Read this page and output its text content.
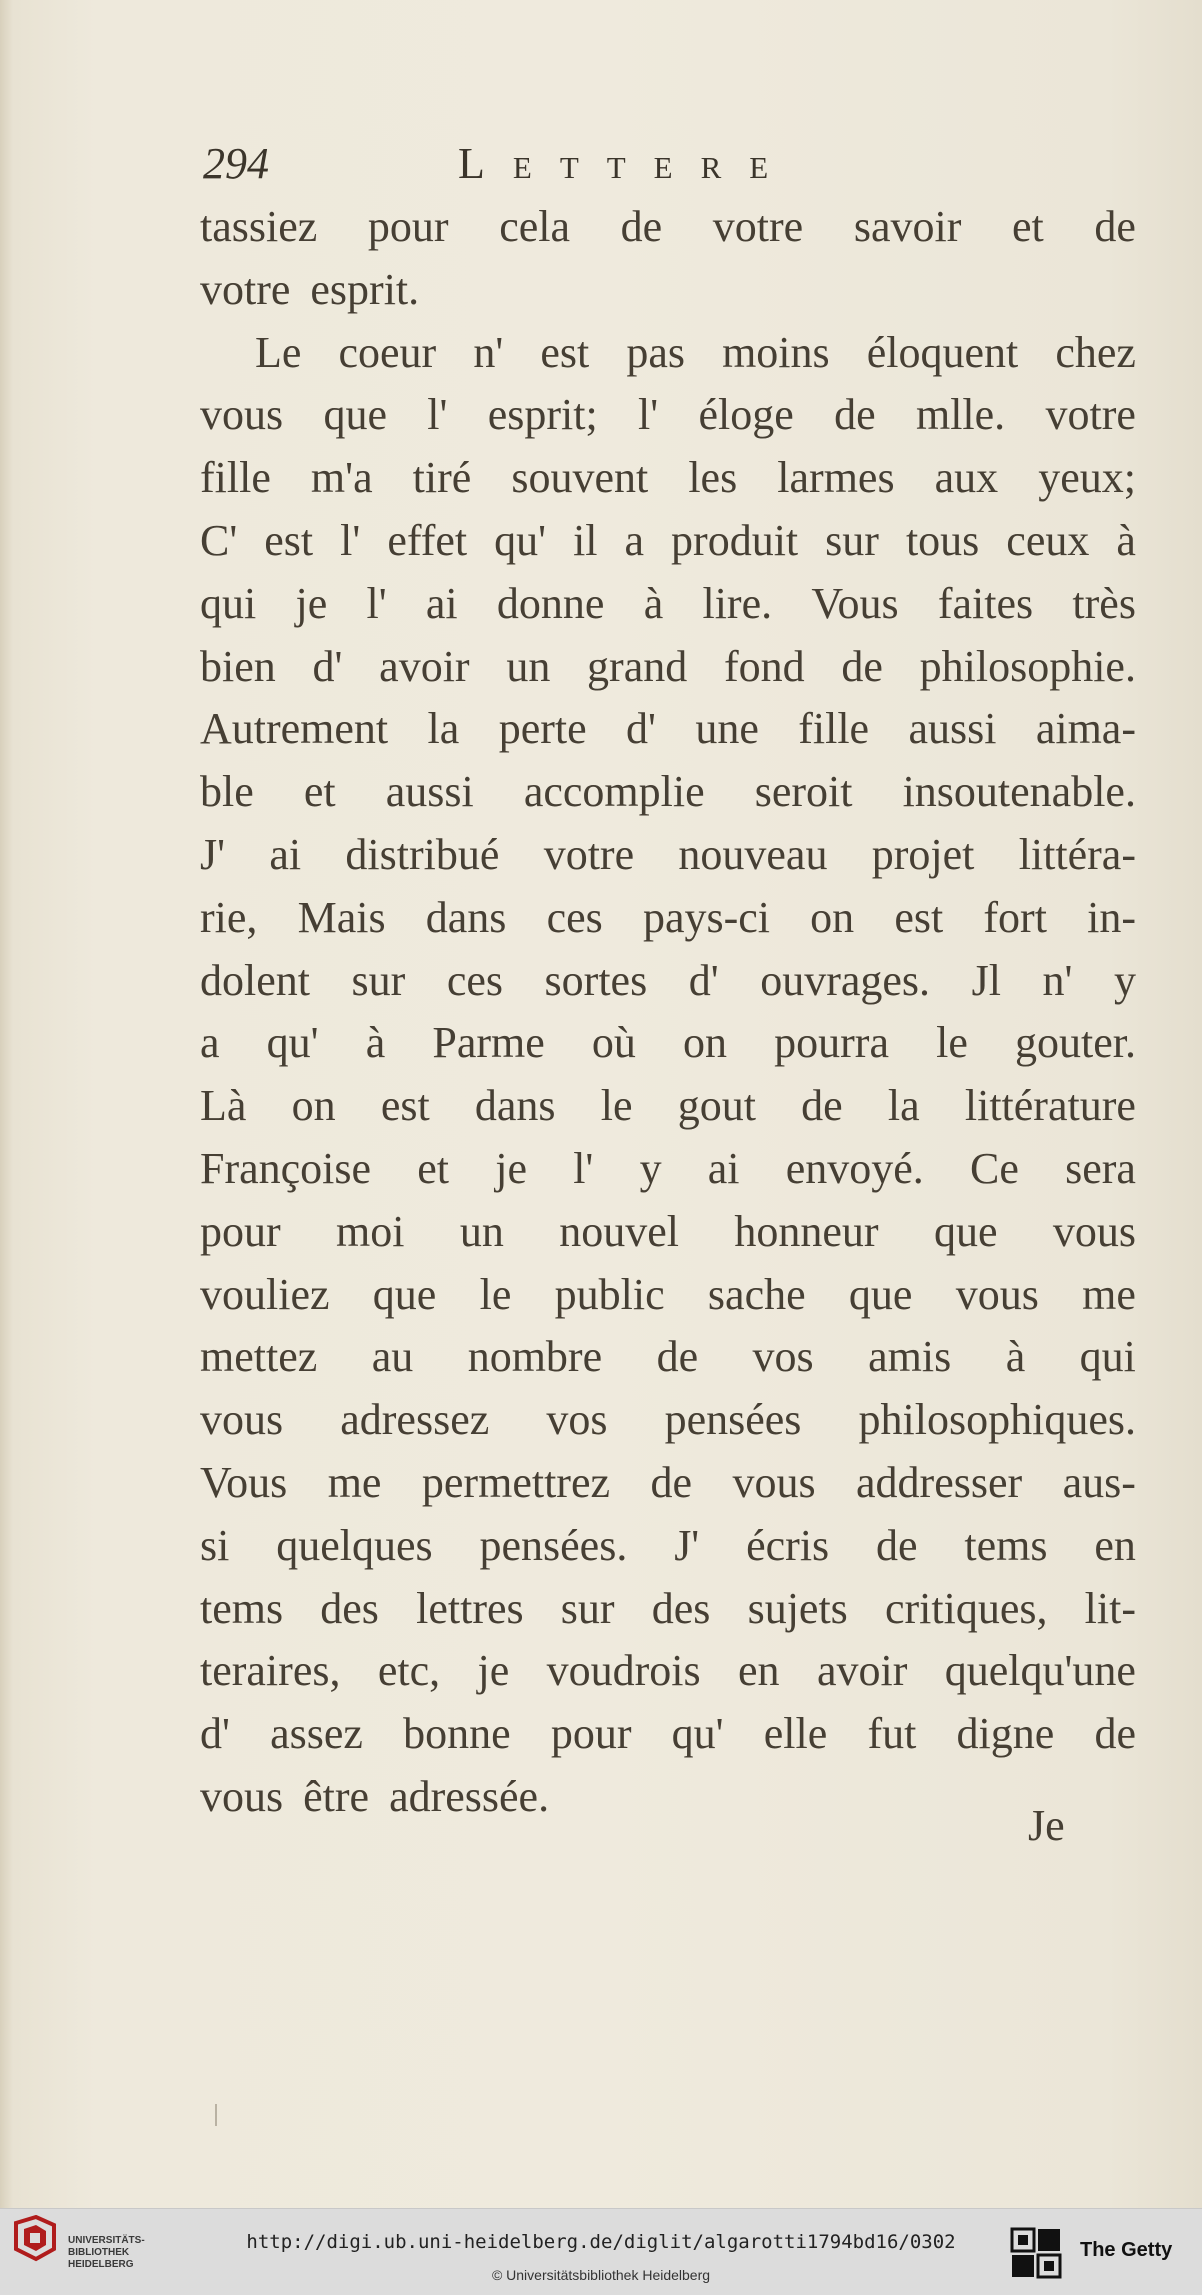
294	Lettere
tassiez pour cela de votre savoir et de
votre esprit.
Le coeur n' est pas moins éloquent chez
vous que l' esprit; l' éloge de mlle. votre
fille m'a tiré souvent les larmes aux yeux;
C' est l' effet qu' il a produit sur tous ceux à
qui je l' ai donne à lire. Vous faites très
bien d' avoir un grand fond de philosophie.
Autrement la perte d' une fille aussi aima-
ble et aussi accomplie seroit insoutenable.
J' ai distribué votre nouveau projet littéra-
rie, Mais dans ces pays-ci on est fort in-
dolent sur ces sortes d' ouvrages. Jl n' y
a qu' à Parme où on pourra le gouter.
Là on est dans le gout de la littérature
Françoise et je l' y ai envoyé. Ce sera
pour moi un nouvel honneur que vous
vouliez que le public sache que vous me
mettez au nombre de vos amis à qui
vous adressez vos pensées philosophiques.
Vous me permettrez de vous addresser aus-
si quelques pensées. J' écris de tems en
tems des lettres sur des sujets critiques, lit-
teraires, etc, je voudrois en avoir quelqu'une
d' assez bonne pour qu' elle fut digne de
vous être adressée.
Je
UNIVERSITÄTS-
BIBLIOTHEK
HEIDELBERG
http://digi.ub.uni-heidelberg.de/diglit/algarotti1794bd16/0302
© Universitätsbibliothek Heidelberg
The Getty
